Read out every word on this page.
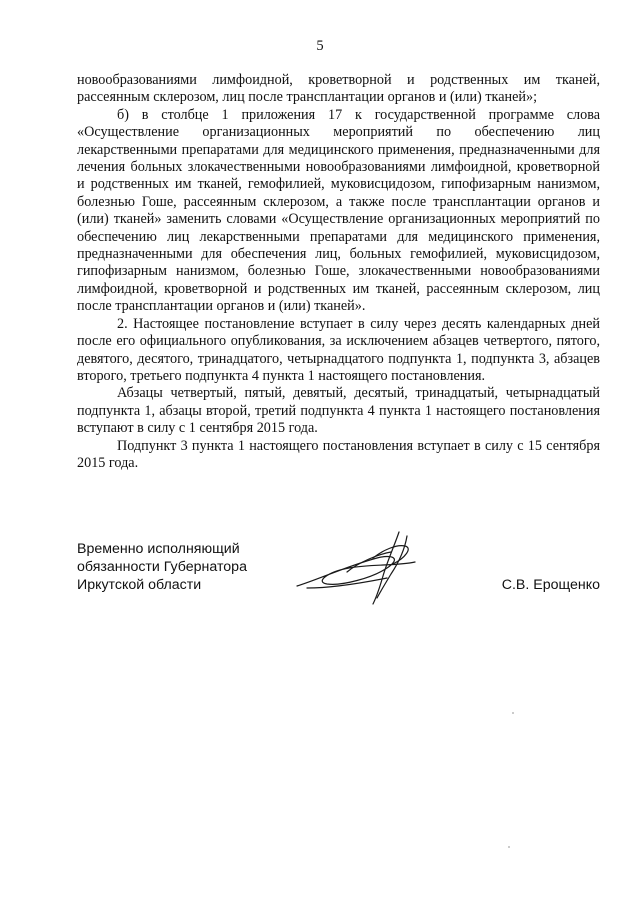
5

новообразованиями лимфоидной, кроветворной и родственных им тканей, рассеянным склерозом, лиц после трансплантации органов и (или) тканей»;

б) в столбце 1 приложения 17 к государственной программе слова «Осуществление организационных мероприятий по обеспечению лиц лекарственными препаратами для медицинского применения, предназначенными для лечения больных злокачественными новообразованиями лимфоидной, кроветворной и родственных им тканей, гемофилией, муковисцидозом, гипофизарным нанизмом, болезнью Гоше, рассеянным склерозом, а также после трансплантации органов и (или) тканей» заменить словами «Осуществление организационных мероприятий по обеспечению лиц лекарственными препаратами для медицинского применения, предназначенными для обеспечения лиц, больных гемофилией, муковисцидозом, гипофизарным нанизмом, болезнью Гоше, злокачественными новообразованиями лимфоидной, кроветворной и родственных им тканей, рассеянным склерозом, лиц после трансплантации органов и (или) тканей».

2. Настоящее постановление вступает в силу через десять календарных дней после его официального опубликования, за исключением абзацев четвертого, пятого, девятого, десятого, тринадцатого, четырнадцатого подпункта 1, подпункта 3, абзацев второго, третьего подпункта 4 пункта 1 настоящего постановления.

Абзацы четвертый, пятый, девятый, десятый, тринадцатый, четырнадцатый подпункта 1, абзацы второй, третий подпункта 4 пункта 1 настоящего постановления вступают в силу с 1 сентября 2015 года.

Подпункт 3 пункта 1 настоящего постановления вступает в силу с 15 сентября 2015 года.

Временно исполняющий
обязанности Губернатора
Иркутской области	С.В. Ерощенко
